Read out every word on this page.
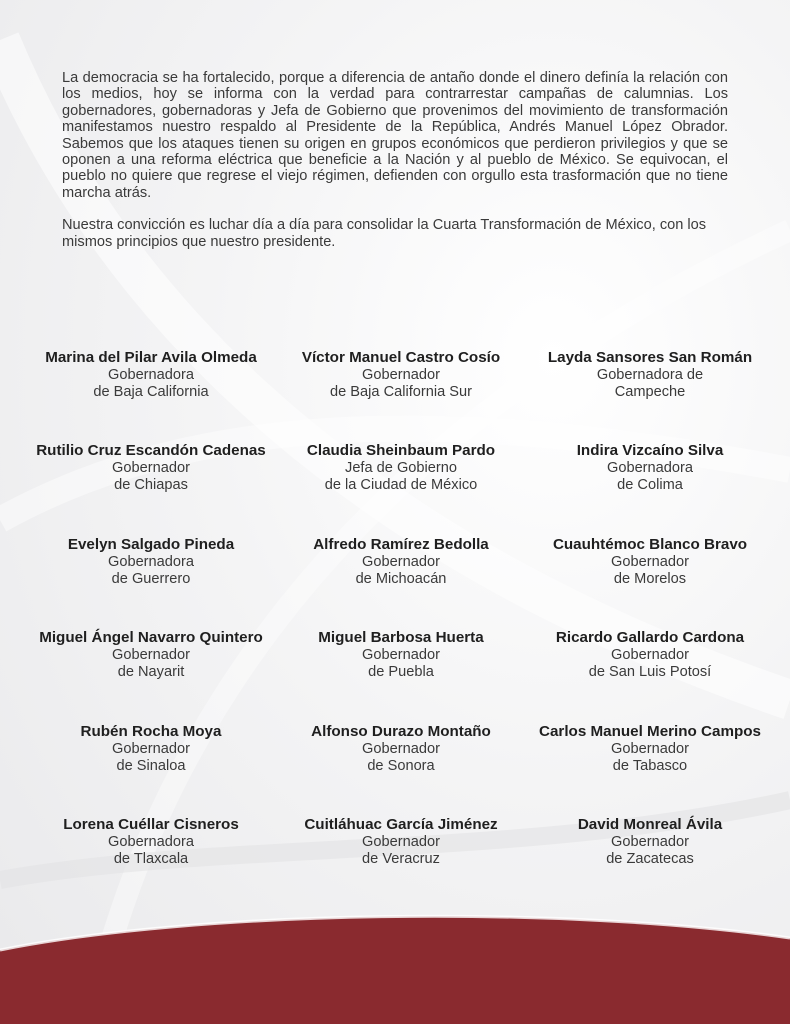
La democracia se ha fortalecido, porque a diferencia de antaño donde el dinero definía la relación con los medios, hoy se informa con la verdad para contrarrestar campañas de calumnias. Los gobernadores, gobernadoras y Jefa de Gobierno que provenimos del movimiento de transformación manifestamos nuestro respaldo al Presidente de la República, Andrés Manuel López Obrador. Sabemos que los ataques tienen su origen en grupos económicos que perdieron privilegios y que se oponen a una reforma eléctrica que beneficie a la Nación y al pueblo de México. Se equivocan, el pueblo no quiere que regrese el viejo régimen, defienden con orgullo esta trasformación que no tiene marcha atrás.

Nuestra convicción es luchar día a día para consolidar la Cuarta Transformación de México, con los mismos principios que nuestro presidente.

Marina del Pilar Avila Olmeda
Gobernadora
de Baja California
Víctor Manuel Castro Cosío
Gobernador
de Baja California Sur
Layda Sansores San Román
Gobernadora de
Campeche
Rutilio Cruz Escandón Cadenas
Gobernador
de Chiapas
Claudia Sheinbaum Pardo
Jefa de Gobierno
de la Ciudad de México
Indira Vizcaíno Silva
Gobernadora
de Colima
Evelyn Salgado Pineda
Gobernadora
de Guerrero
Alfredo Ramírez Bedolla
Gobernador
de Michoacán
Cuauhtémoc Blanco Bravo
Gobernador
de Morelos
Miguel Ángel Navarro Quintero
Gobernador
de Nayarit
Miguel Barbosa Huerta
Gobernador
de Puebla
Ricardo Gallardo Cardona
Gobernador
de San Luis Potosí
Rubén Rocha Moya
Gobernador
de Sinaloa
Alfonso Durazo Montaño
Gobernador
de Sonora
Carlos Manuel Merino Campos
Gobernador
de Tabasco
Lorena Cuéllar Cisneros
Gobernadora
de Tlaxcala
Cuitláhuac García Jiménez
Gobernador
de Veracruz
David Monreal Ávila
Gobernador
de Zacatecas
